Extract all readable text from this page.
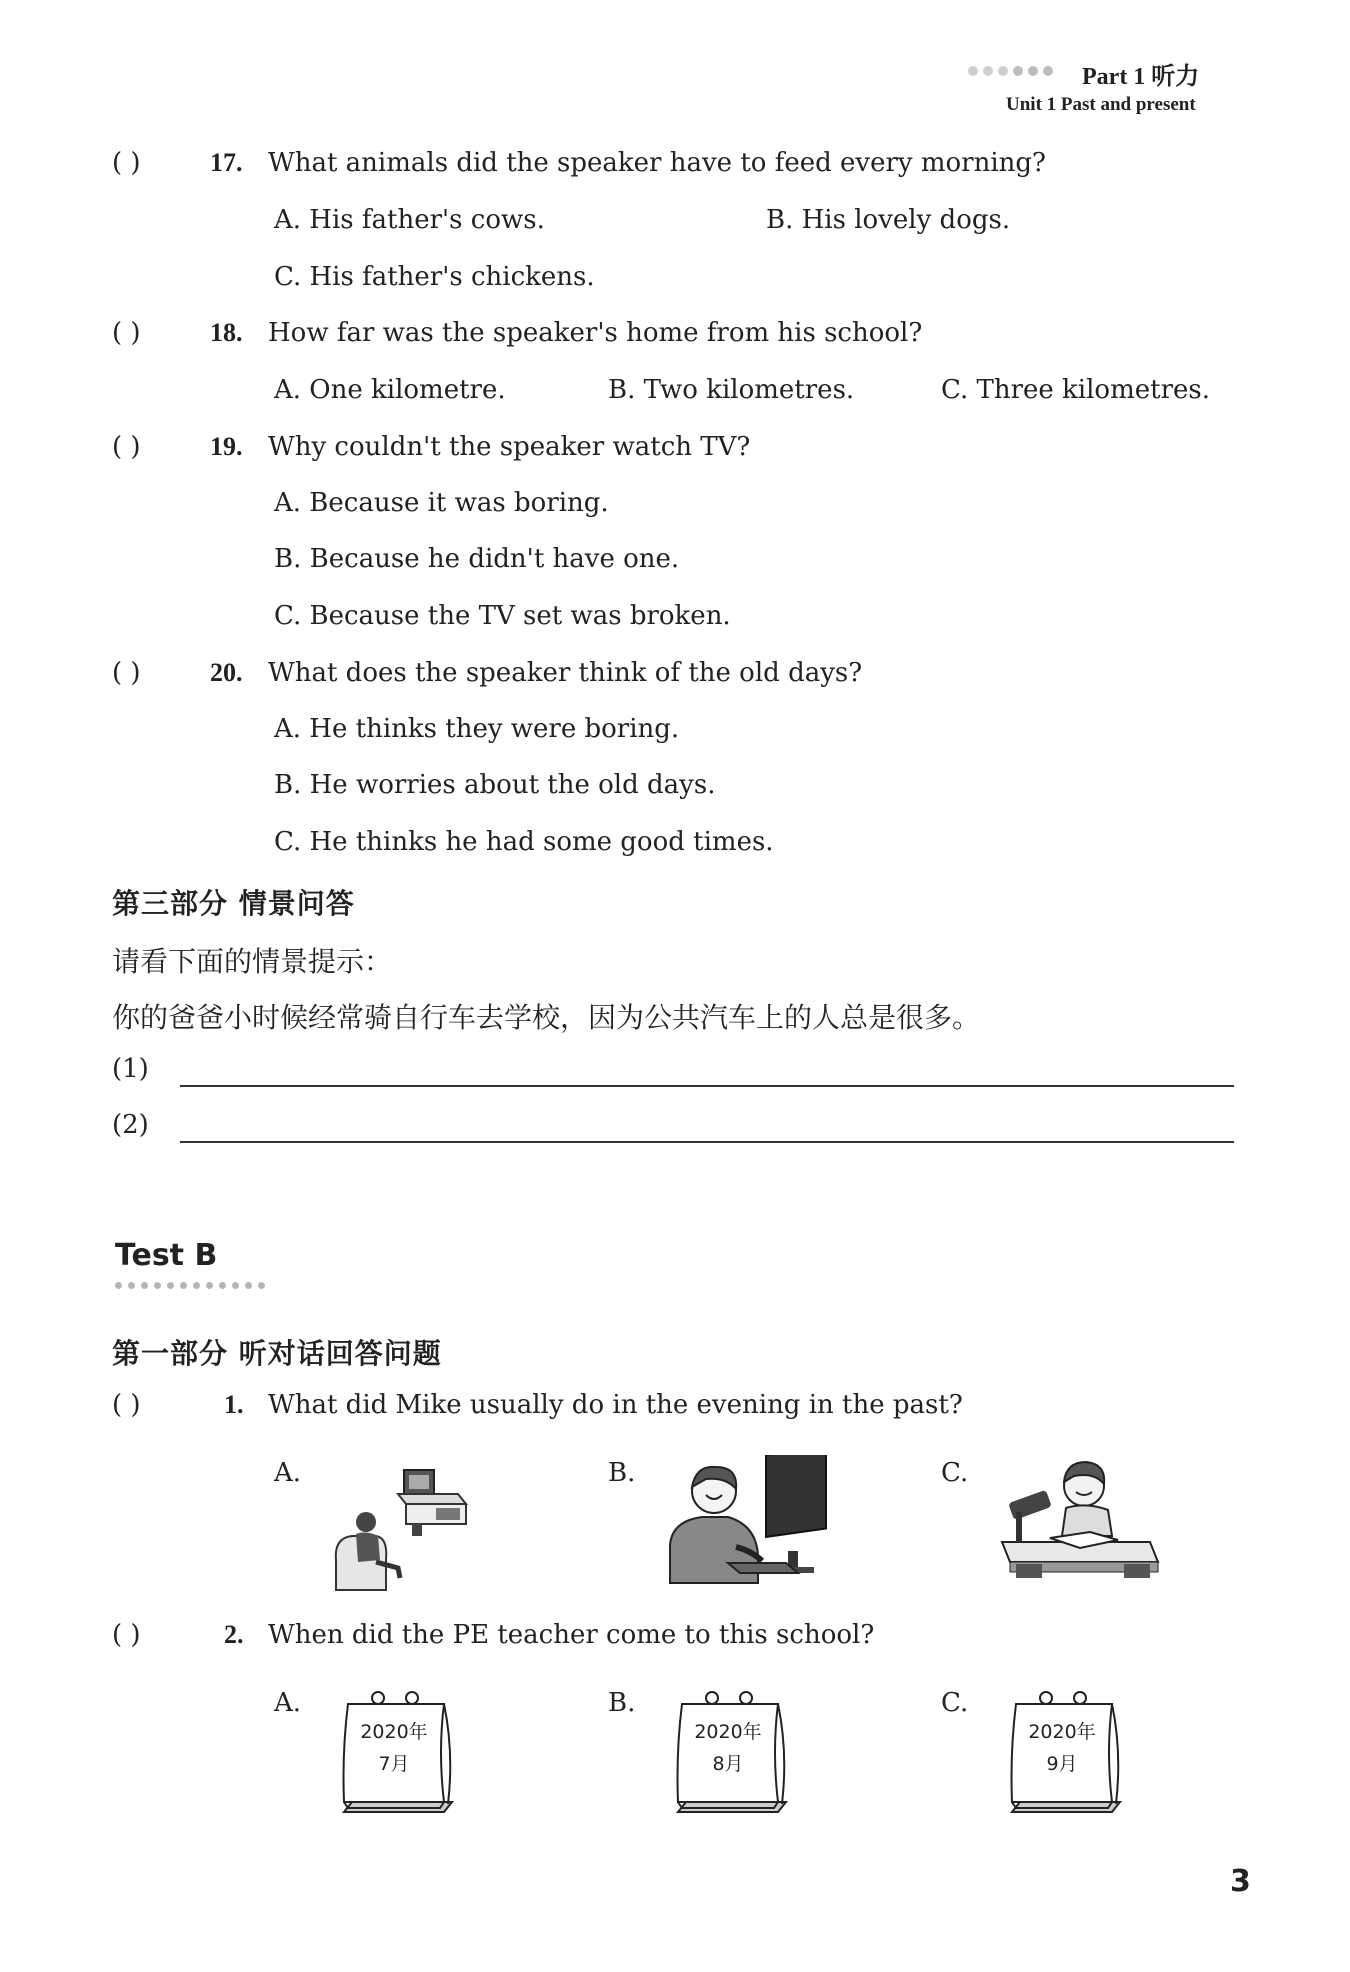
Part 1 听力
Unit 1 Past and present
( )	17. What animals did the speaker have to feed every morning?
A. His father's cows.	B. His lovely dogs.
C. His father's chickens.
( )	18. How far was the speaker's home from his school?
A. One kilometre.	B. Two kilometres.	C. Three kilometres.
( )	19. Why couldn't the speaker watch TV?
A. Because it was boring.
B. Because he didn't have one.
C. Because the TV set was broken.
( )	20. What does the speaker think of the old days?
A. He thinks they were boring.
B. He worries about the old days.
C. He thinks he had some good times.
第三部分 情景问答
请看下面的情景提示：
你的爸爸小时候经常骑自行车去学校，因为公共汽车上的人总是很多。
(1)
(2)
Test B
第一部分 听对话回答问题
( )	1. What did Mike usually do in the evening in the past?
A.	B.	C.
( )	2. When did the PE teacher come to this school?
A.	B.	C.
2020年
7月
2020年
8月
2020年
9月
3
